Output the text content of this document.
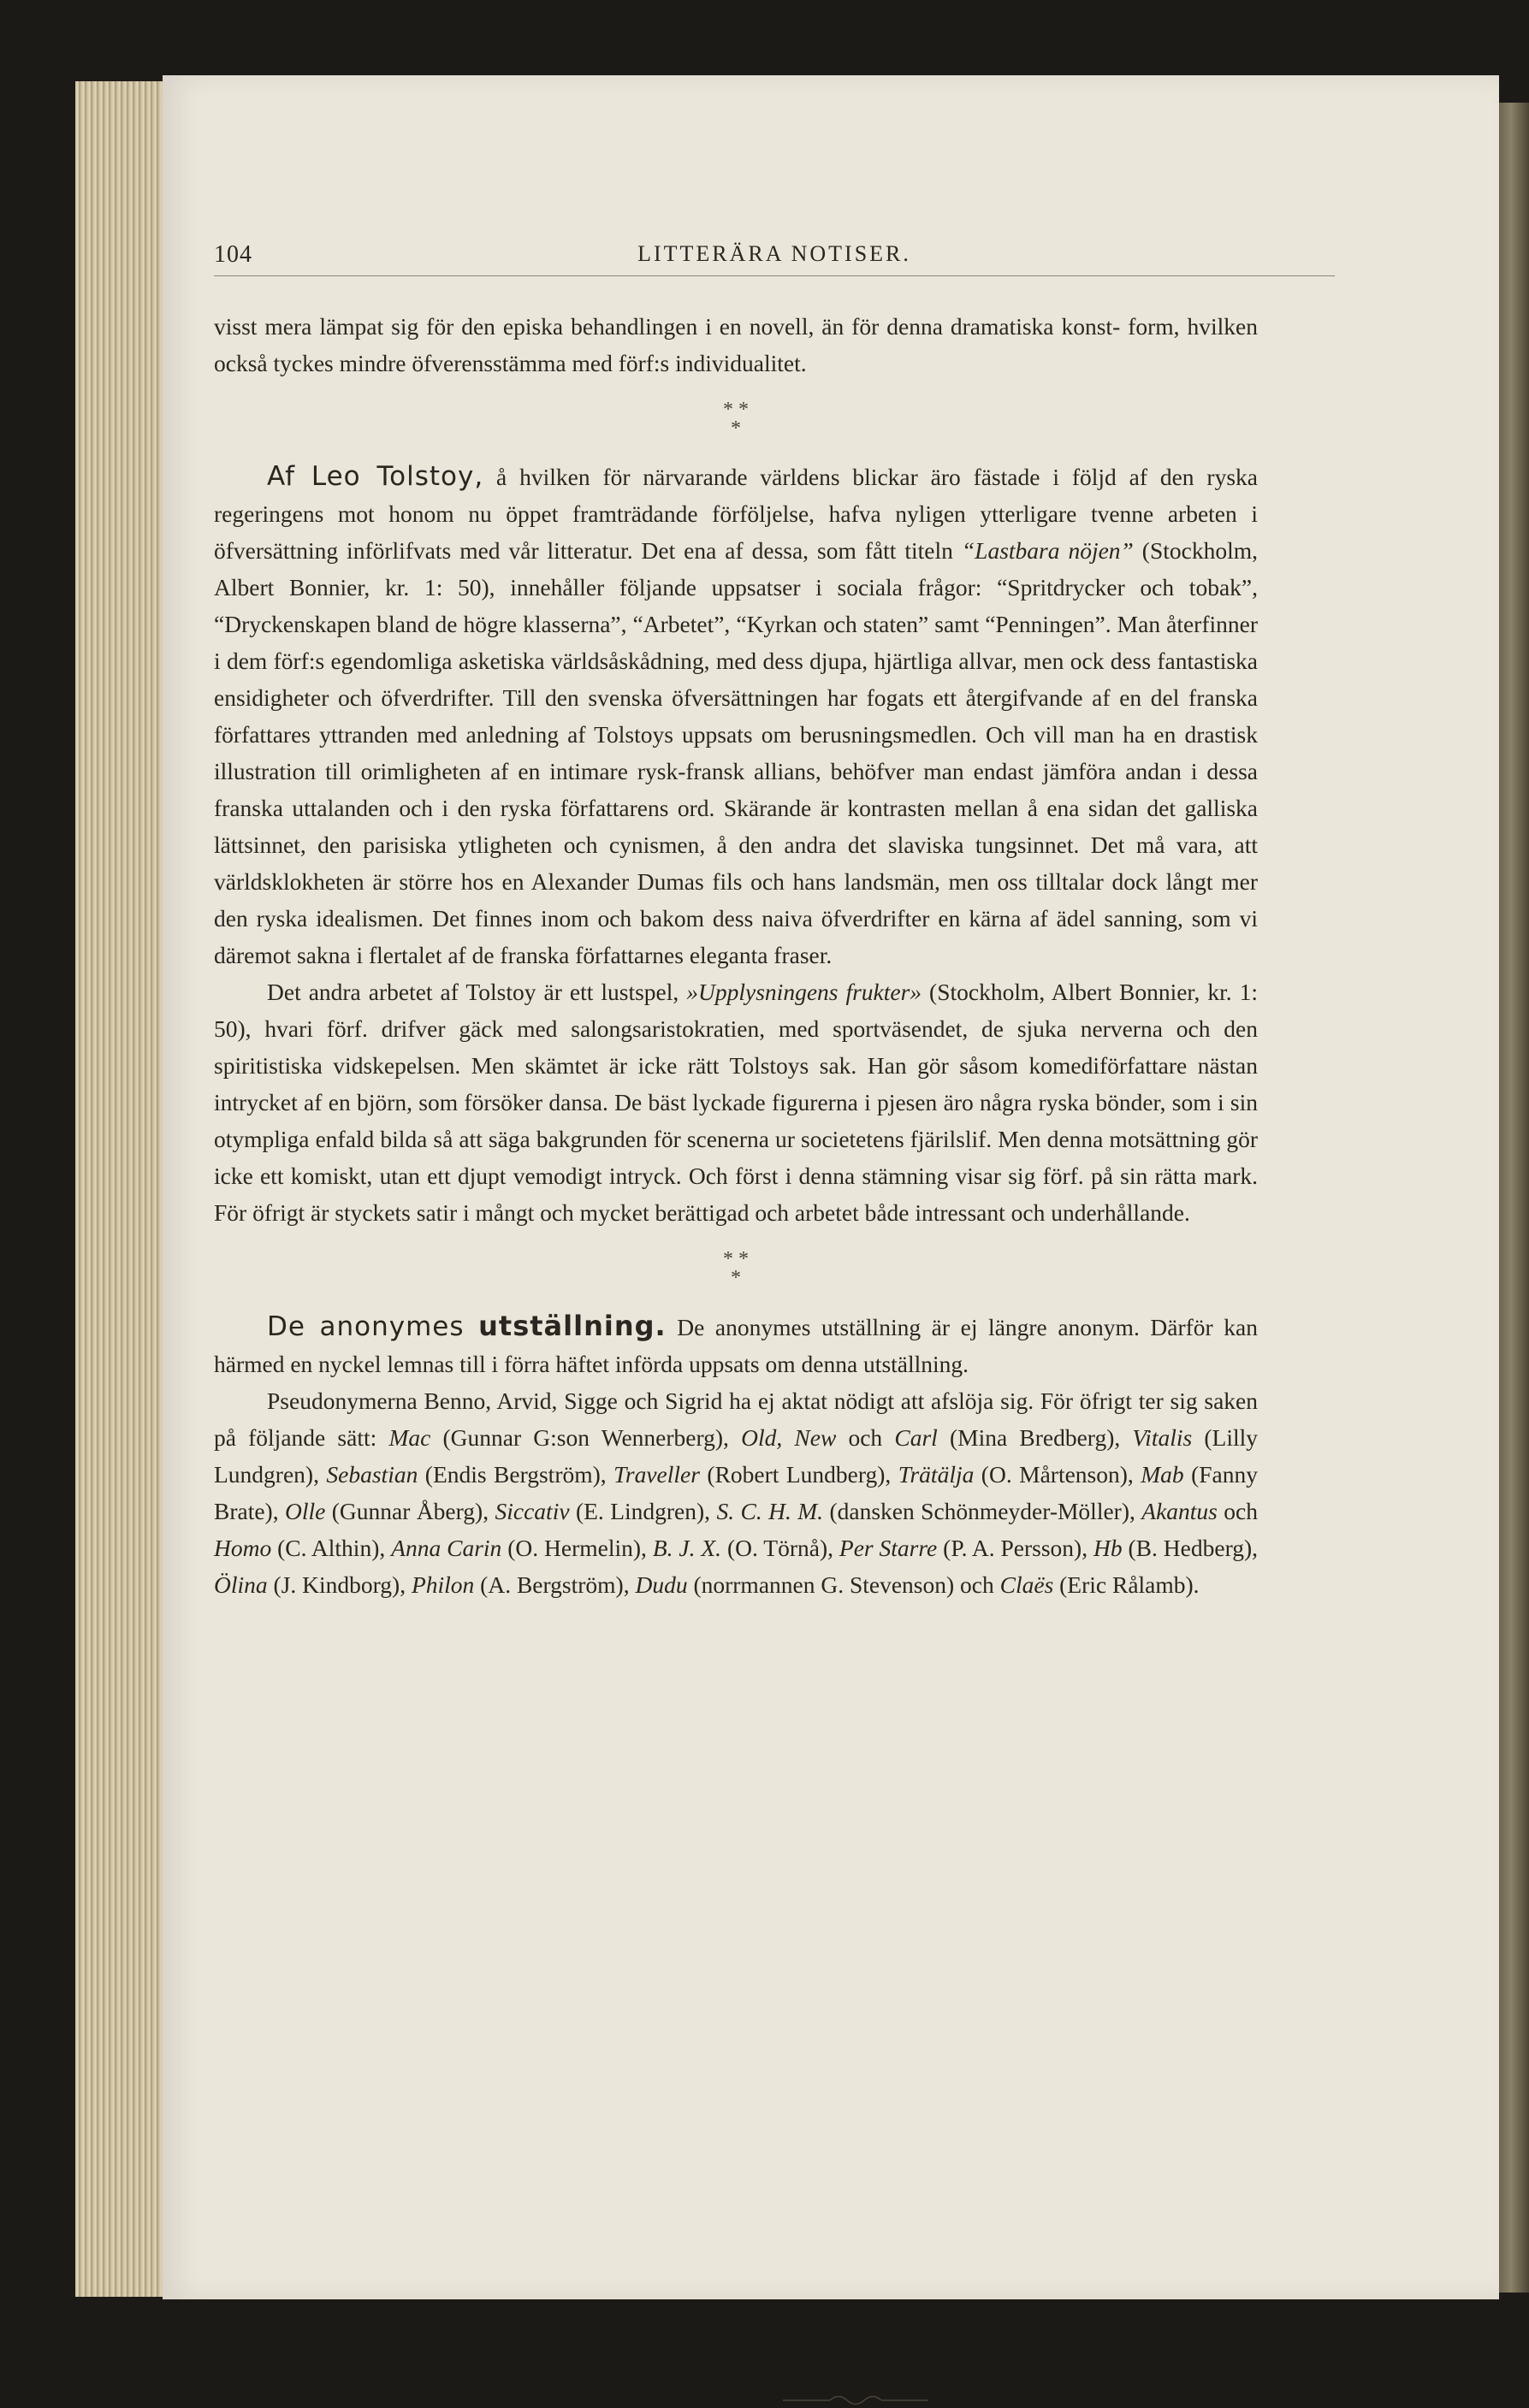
104	LITTERÄRA NOTISER.

visst mera lämpat sig för den episka behandlingen i en novell, än för denna dramatiska konst- form, hvilken också tyckes mindre öfverensstämma med förf:s individualitet.

* *
*

Af Leo Tolstoy, å hvilken för närvarande världens blickar äro fästade i följd af den ryska regeringens mot honom nu öppet framträdande förföljelse, hafva nyligen ytterligare tvenne arbeten i öfversättning införlifvats med vår litteratur. Det ena af dessa, som fått titeln “Lastbara nöjen” (Stockholm, Albert Bonnier, kr. 1: 50), innehåller följande uppsatser i sociala frågor: “Spritdrycker och tobak”, “Dryckenskapen bland de högre klasserna”, “Arbetet”, “Kyrkan och staten” samt “Penningen”. Man återfinner i dem förf:s egendomliga asketiska världsåskådning, med dess djupa, hjärtliga allvar, men ock dess fantastiska ensidigheter och öfverdrifter. Till den svenska öfversättningen har fogats ett återgifvande af en del franska författares yttranden med anledning af Tolstoys uppsats om berusningsmedlen. Och vill man ha en drastisk illustration till orimligheten af en intimare rysk-fransk allians, behöfver man endast jämföra andan i dessa franska uttalanden och i den ryska författarens ord. Skärande är kontrasten mellan å ena sidan det galliska lättsinnet, den parisiska ytligheten och cynismen, å den andra det slaviska tungsinnet. Det må vara, att världsklokheten är större hos en Alexander Dumas fils och hans landsmän, men oss tilltalar dock långt mer den ryska idealismen. Det finnes inom och bakom dess naiva öfverdrifter en kärna af ädel sanning, som vi däremot sakna i flertalet af de franska författarnes eleganta fraser.

Det andra arbetet af Tolstoy är ett lustspel, »Upplysningens frukter» (Stockholm, Albert Bonnier, kr. 1: 50), hvari förf. drifver gäck med salongsaristokratien, med sportväsendet, de sjuka nerverna och den spiritistiska vidskepelsen. Men skämtet är icke rätt Tolstoys sak. Han gör såsom komediförfattare nästan intrycket af en björn, som försöker dansa. De bäst lyckade figurerna i pjesen äro några ryska bönder, som i sin otympliga enfald bilda så att säga bakgrunden för scenerna ur societetens fjärilslif. Men denna motsättning gör icke ett komiskt, utan ett djupt vemodigt intryck. Och först i denna stämning visar sig förf. på sin rätta mark. För öfrigt är styckets satir i mångt och mycket berättigad och arbetet både intressant och underhållande.

* *
*

De anonymes utställning. De anonymes utställning är ej längre anonym. Därför kan härmed en nyckel lemnas till i förra häftet införda uppsats om denna utställning.

Pseudonymerna Benno, Arvid, Sigge och Sigrid ha ej aktat nödigt att afslöja sig. För öfrigt ter sig saken på följande sätt: Mac (Gunnar G:son Wennerberg), Old, New och Carl (Mina Bredberg), Vitalis (Lilly Lundgren), Sebastian (Endis Bergström), Traveller (Robert Lundberg), Trätälja (O. Mårtenson), Mab (Fanny Brate), Olle (Gunnar Åberg), Siccativ (E. Lindgren), S. C. H. M. (dansken Schönmeyder-Möller), Akantus och Homo (C. Althin), Anna Carin (O. Hermelin), B. J. X. (O. Törnå), Per Starre (P. A. Persson), Hb (B. Hedberg), Ölina (J. Kindborg), Philon (A. Bergström), Dudu (norrmannen G. Stevenson) och Claës (Eric Rålamb).
